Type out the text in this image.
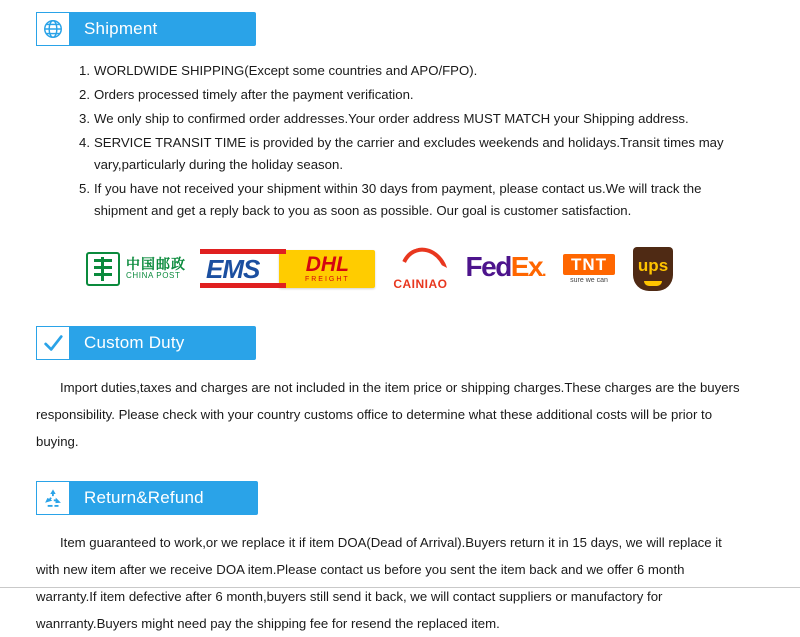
Shipment
WORLDWIDE SHIPPING(Except some countries and APO/FPO).
Orders processed timely after the payment verification.
We only ship to confirmed order addresses.Your order address MUST MATCH your Shipping address.
SERVICE TRANSIT TIME is provided by the carrier and excludes weekends and holidays.Transit times may vary,particularly during the holiday season.
If you have not received your shipment within 30 days from payment, please contact us.We will track the shipment and get a reply back to you as soon as possible. Our goal is customer satisfaction.
中国邮政
CHINA POST EMS DHL
FREIGHT	CAINIAO
FedEx.	TNT
sure we can
ups
Custom Duty

Import duties,taxes and charges are not included in the item price or shipping charges.These charges are the buyers responsibility. Please check with your country customs office to determine what these additional costs will be prior to buying.

Return&Refund

Item guaranteed to work,or we replace it if item DOA(Dead of Arrival).Buyers return it in 15 days, we will replace it with new item after we receive DOA item.Please contact us before you sent the item back and we offer 6 month warranty.If item defective after 6 month,buyers still send it back, we will contact suppliers or manufactory for wanrranty.Buyers might need pay the shipping fee for resend the replaced item.
